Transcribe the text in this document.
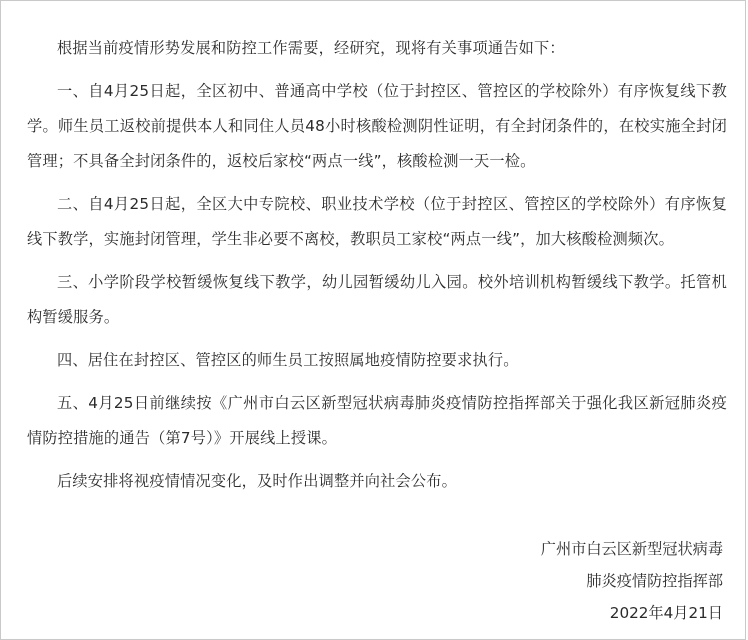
根据当前疫情形势发展和防控工作需要，经研究，现将有关事项通告如下：

一、自4月25日起，全区初中、普通高中学校（位于封控区、管控区的学校除外）有序恢复线下教学。师生员工返校前提供本人和同住人员48小时核酸检测阴性证明，有全封闭条件的，在校实施全封闭管理；不具备全封闭条件的，返校后家校“两点一线”，核酸检测一天一检。

二、自4月25日起，全区大中专院校、职业技术学校（位于封控区、管控区的学校除外）有序恢复线下教学，实施封闭管理，学生非必要不离校，教职员工家校“两点一线”，加大核酸检测频次。

三、小学阶段学校暂缓恢复线下教学，幼儿园暂缓幼儿入园。校外培训机构暂缓线下教学。托管机构暂缓服务。

四、居住在封控区、管控区的师生员工按照属地疫情防控要求执行。

五、4月25日前继续按《广州市白云区新型冠状病毒肺炎疫情防控指挥部关于强化我区新冠肺炎疫情防控措施的通告（第7号）》开展线上授课。

后续安排将视疫情情况变化，及时作出调整并向社会公布。

广州市白云区新型冠状病毒
肺炎疫情防控指挥部
2022年4月21日
